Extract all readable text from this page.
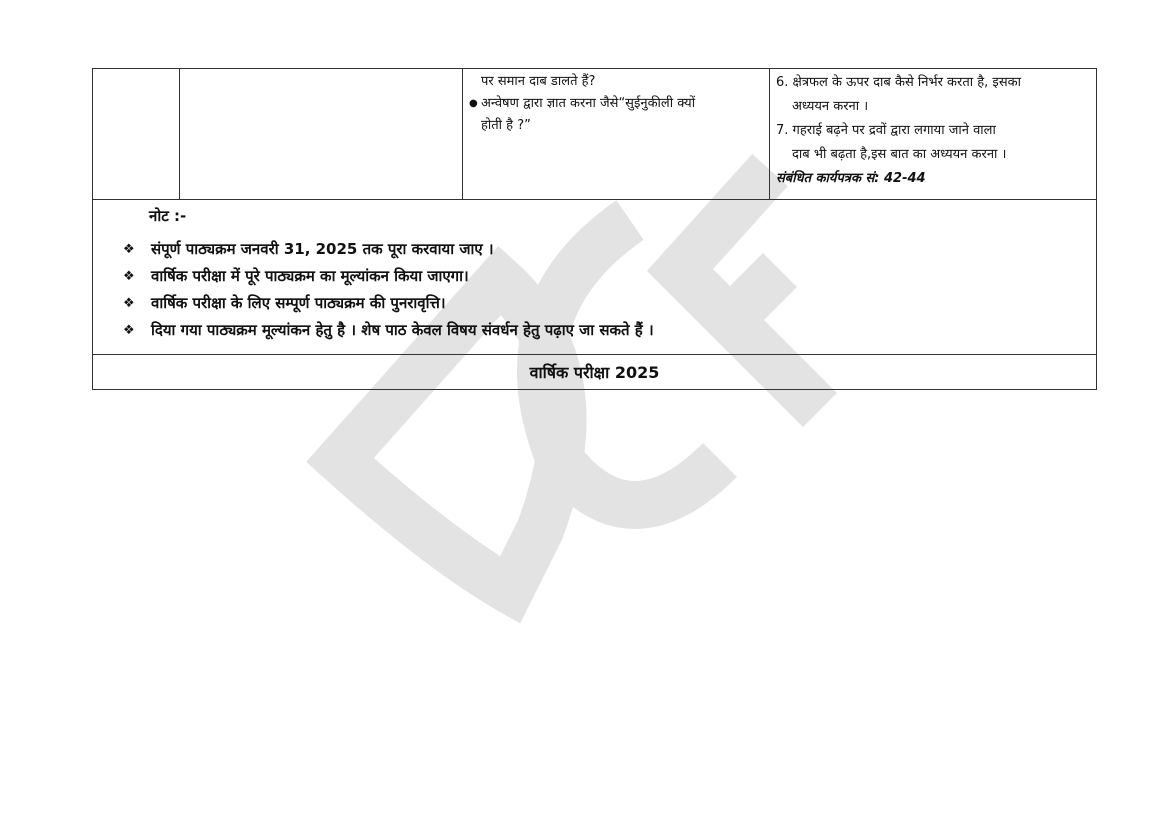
पर समान दाब डालते हैं?
● अन्वेषण द्वारा ज्ञात करना जैसे“सुईनुकीली क्यों
होती है ?”

6. क्षेत्रफल के ऊपर दाब कैसे निर्भर करता है, इसका
अध्ययन करना ।
7. गहराई बढ़ने पर द्रवों द्वारा लगाया जाने वाला
दाब भी बढ़ता है,इस बात का अध्ययन करना ।
संबंधित कार्यपत्रक सं: 42-44

नोट :-
❖ संपूर्ण पाठ्यक्रम जनवरी 31, 2025 तक पूरा करवाया जाए ।
❖ वार्षिक परीक्षा में पूरे पाठ्यक्रम का मूल्यांकन किया जाएगा।
❖ वार्षिक परीक्षा के लिए सम्पूर्ण पाठ्यक्रम की पुनरावृत्ति।
❖ दिया गया पाठ्यक्रम मूल्यांकन हेतु है । शेष पाठ केवल विषय संवर्धन हेतु पढ़ाए जा सकते हैं ।

वार्षिक परीक्षा 2025
